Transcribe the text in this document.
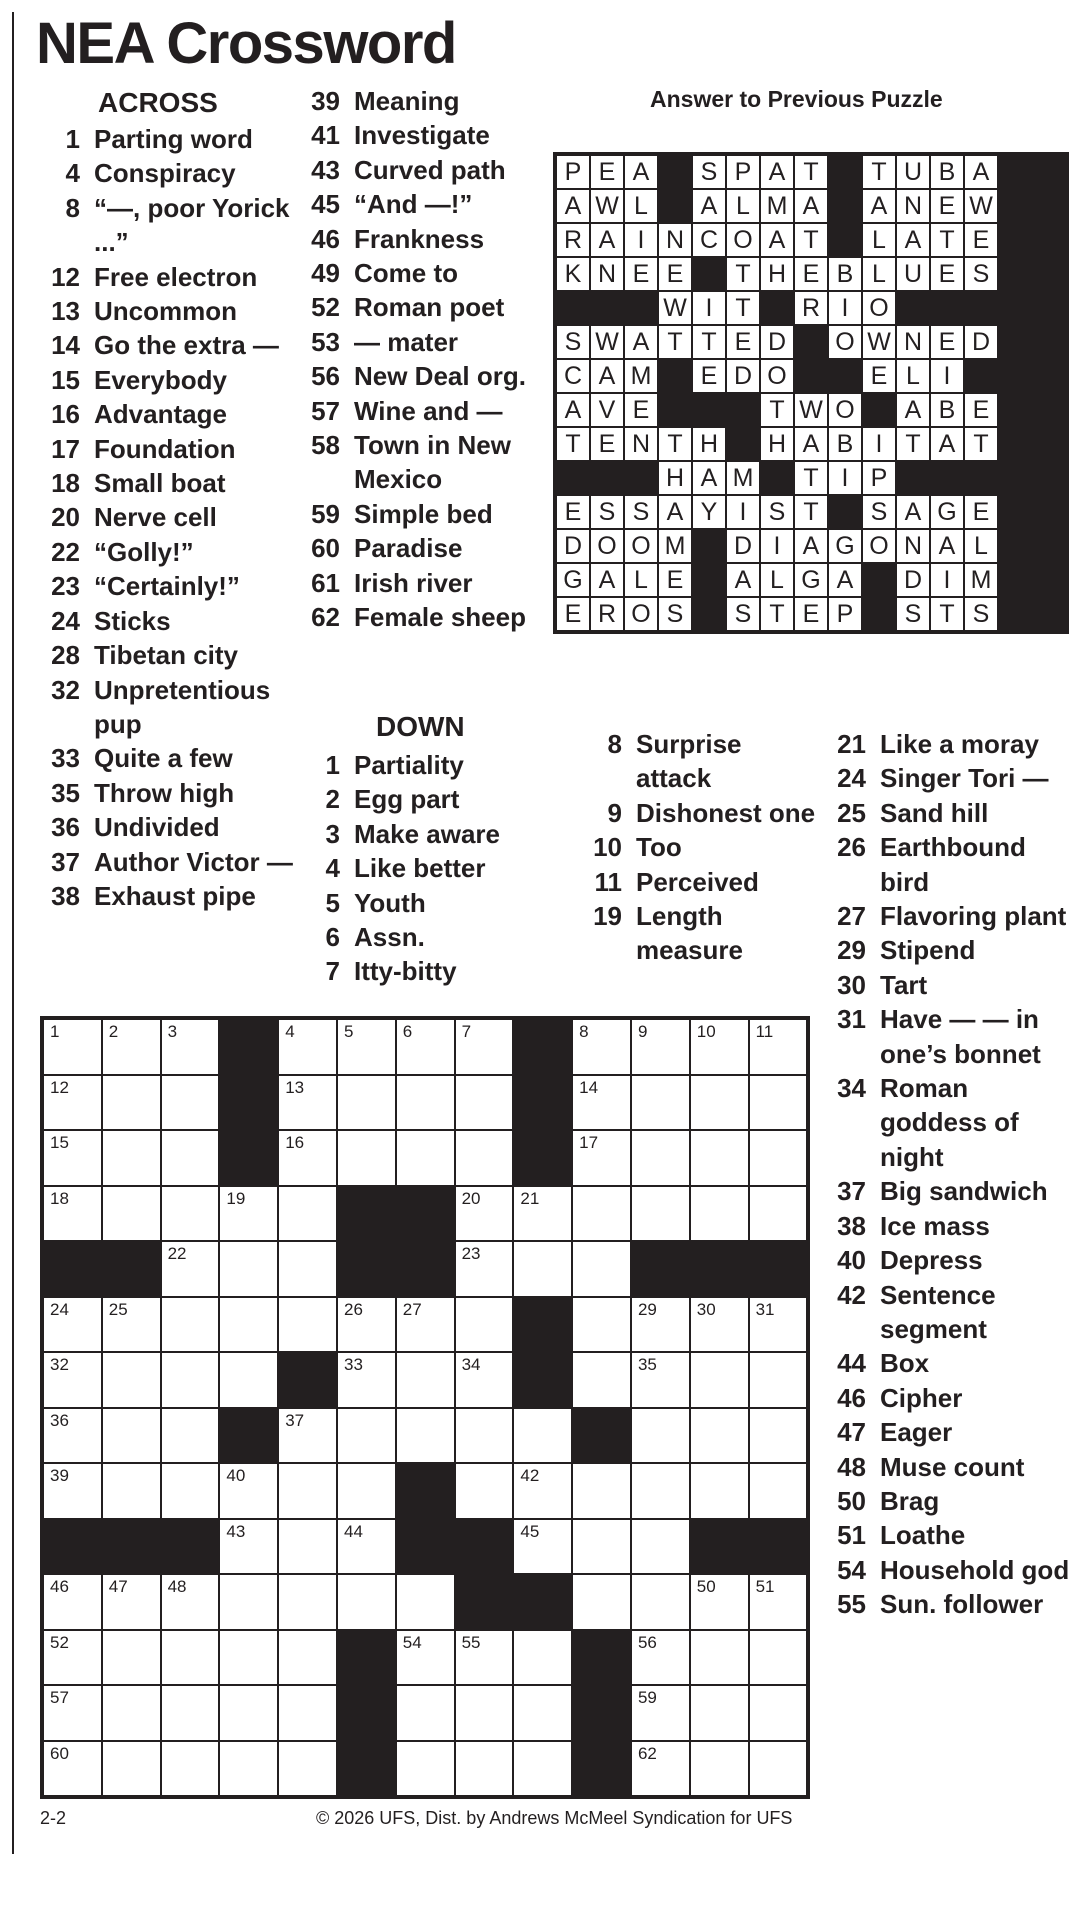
NEA Crossword
ACROSS
1 Parting word
4 Conspiracy
8 “—, poor Yorick ...”
12 Free electron
13 Uncommon
14 Go the extra —
15 Everybody
16 Advantage
17 Foundation
18 Small boat
20 Nerve cell
22 “Golly!”
23 “Certainly!”
24 Sticks
28 Tibetan city
32 Unpretentious pup
33 Quite a few
35 Throw high
36 Undivided
37 Author Victor —
38 Exhaust pipe
39 Meaning
41 Investigate
43 Curved path
45 “And —!”
46 Frankness
49 Come to
52 Roman poet
53 — mater
56 New Deal org.
57 Wine and —
58 Town in New Mexico
59 Simple bed
60 Paradise
61 Irish river
62 Female sheep
DOWN
1 Partiality
2 Egg part
3 Make aware
4 Like better
5 Youth
6 Assn.
7 Itty-bitty
8 Surprise attack
9 Dishonest one
10 Too
11 Perceived
19 Length measure
21 Like a moray
24 Singer Tori —
25 Sand hill
26 Earthbound bird
27 Flavoring plant
29 Stipend
30 Tart
31 Have — — in one’s bonnet
34 Roman goddess of night
37 Big sandwich
38 Ice mass
40 Depress
42 Sentence segment
44 Box
46 Cipher
47 Eager
48 Muse count
50 Brag
51 Loathe
54 Household god
55 Sun. follower
Answer to Previous Puzzle
P E A	S P A T	T U B A
A W L	A L M A	A N E W
R A I N C O A T	L A T E
K N E E	T H E B L U E S
W I T	R I O
S W A T T E D	O W N E D
C A M	E D O	E L I
A V E	T W O	A B E
T E N T H	H A B I T A T
H A M	T I P
E S S A Y I S T	S A G E
D O O M	D I A G O N A L
G A L E	A L G A	D I M
E R O S	S T E P	S T S
1	2	3	4	5	6	7	8	9	10 11
12	13	14
15	16	17
18	19	20 21
22	23
24 25	26 27	29 30 31
32	33	34	35
36	37
39	40	42
43	44	45
46 47 48	50 51
52	54 55	56
57	59
60	62
2-2	© 2026 UFS, Dist. by Andrews McMeel Syndication for UFS
